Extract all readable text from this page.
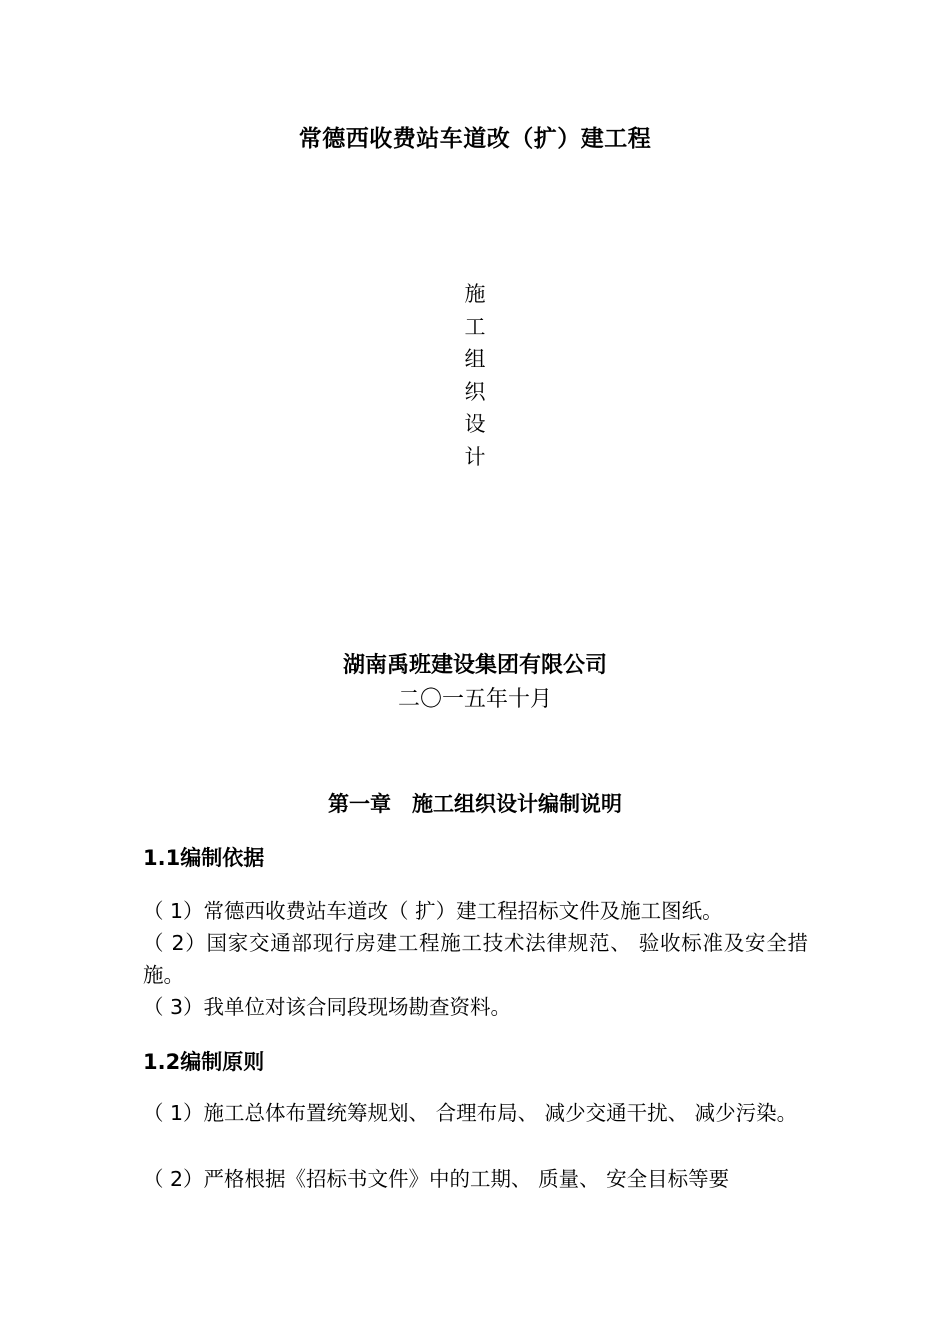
常德西收费站车道改（扩）建工程
施
工
组
织
设
计
湖南禹班建设集团有限公司
二〇一五年十月
第一章　施工组织设计编制说明
1.1编制依据

（ 1）常德西收费站车道改（ 扩）建工程招标文件及施工图纸。

（ 2）国家交通部现行房建工程施工技术法律规范、 验收标准及安全措施。

（ 3）我单位对该合同段现场勘查资料。

1.2编制原则

（ 1）施工总体布置统筹规划、 合理布局、 减少交通干扰、 减少污染。

（ 2）严格根据《招标书文件》中的工期、 质量、 安全目标等要
